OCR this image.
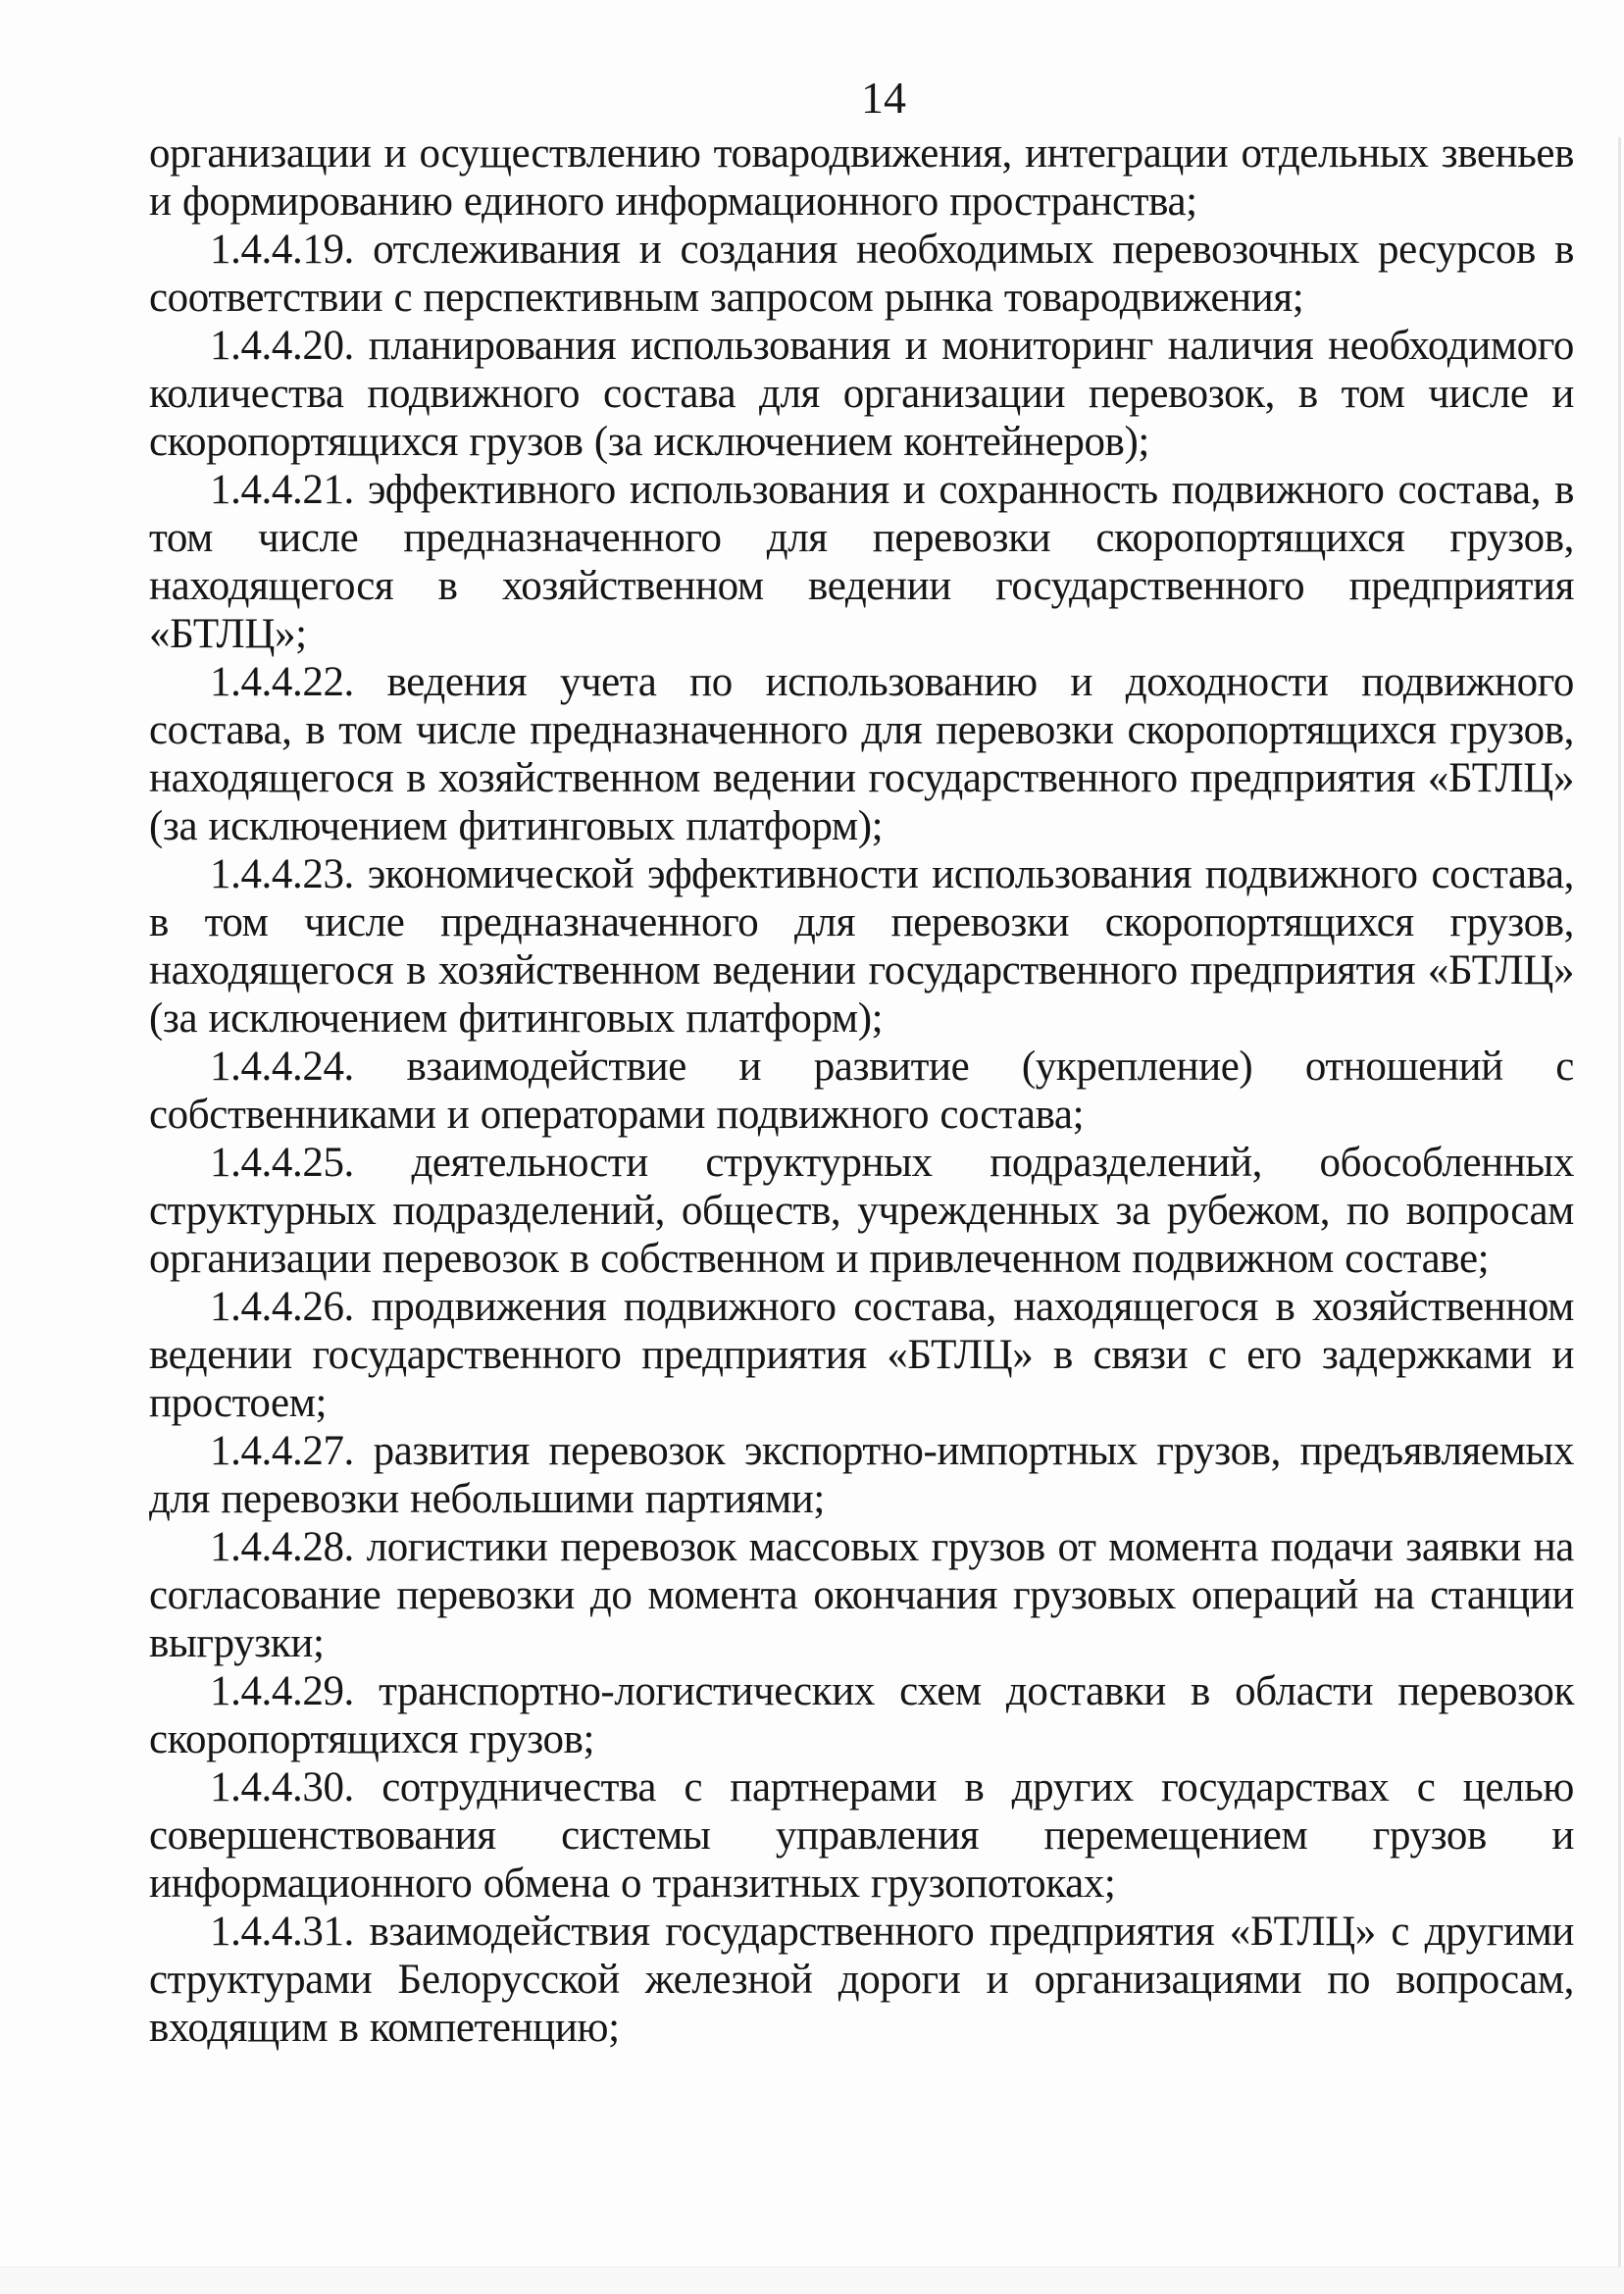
14

организации и осуществлению товародвижения, интеграции отдельных звеньев и формированию единого информационного пространства;

1.4.4.19. отслеживания и создания необходимых перевозочных ресурсов в соответствии с перспективным запросом рынка товародвижения;

1.4.4.20. планирования использования и мониторинг наличия необходимого количества подвижного состава для организации перевозок, в том числе и скоропортящихся грузов (за исключением контейнеров);

1.4.4.21. эффективного использования и сохранность подвижного состава, в том числе предназначенного для перевозки скоропортящихся грузов, находящегося в хозяйственном ведении государственного предприятия «БТЛЦ»;

1.4.4.22. ведения учета по использованию и доходности подвижного состава, в том числе предназначенного для перевозки скоропортящихся грузов, находящегося в хозяйственном ведении государственного предприятия «БТЛЦ» (за исключением фитинговых платформ);

1.4.4.23. экономической эффективности использования подвижного состава, в том числе предназначенного для перевозки скоропортящихся грузов, находящегося в хозяйственном ведении государственного предприятия «БТЛЦ» (за исключением фитинговых платформ);

1.4.4.24. взаимодействие и развитие (укрепление) отношений с собственниками и операторами подвижного состава;

1.4.4.25. деятельности структурных подразделений, обособленных структурных подразделений, обществ, учрежденных за рубежом, по вопросам организации перевозок в собственном и привлеченном подвижном составе;

1.4.4.26. продвижения подвижного состава, находящегося в хозяйственном ведении государственного предприятия «БТЛЦ» в связи с его задержками и простоем;

1.4.4.27. развития перевозок экспортно-импортных грузов, предъявляемых для перевозки небольшими партиями;

1.4.4.28. логистики перевозок массовых грузов от момента подачи заявки на согласование перевозки до момента окончания грузовых операций на станции выгрузки;

1.4.4.29. транспортно-логистических схем доставки в области перевозок скоропортящихся грузов;

1.4.4.30. сотрудничества с партнерами в других государствах с целью совершенствования системы управления перемещением грузов и информационного обмена о транзитных грузопотоках;

1.4.4.31. взаимодействия государственного предприятия «БТЛЦ» с другими структурами Белорусской железной дороги и организациями по вопросам, входящим в компетенцию;
